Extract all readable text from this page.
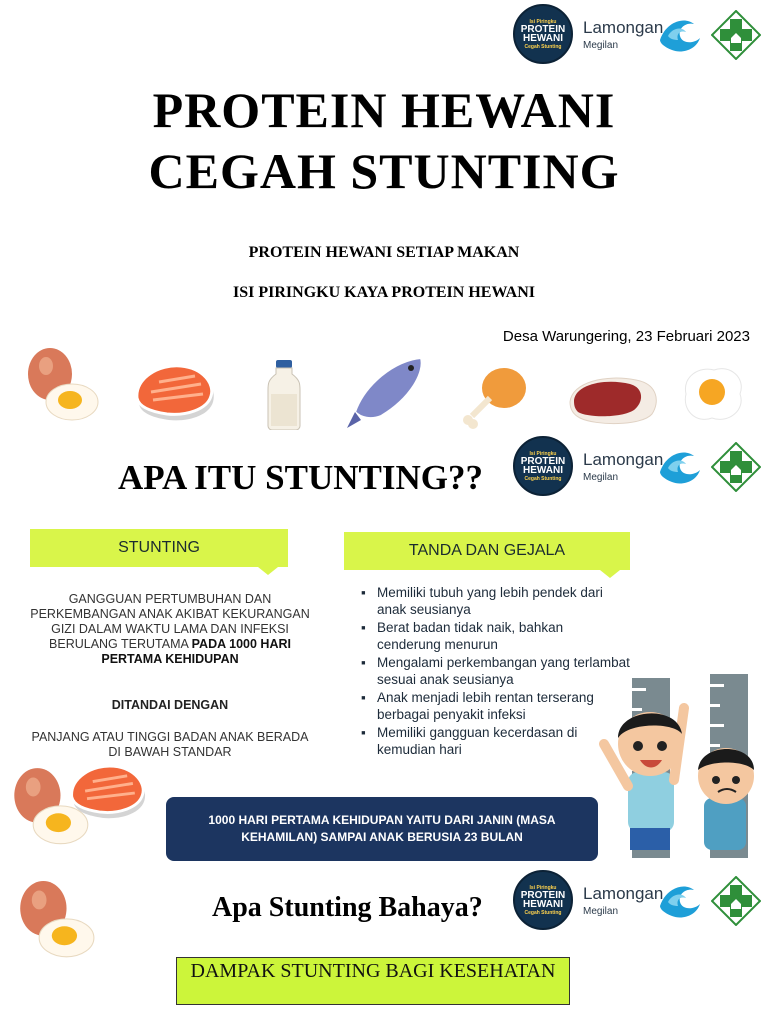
Isi Piringku
PROTEIN
HEWANI
Cegah Stunting
Lamongan
Megilan
PROTEIN HEWANI
CEGAH STUNTING
PROTEIN HEWANI SETIAP MAKAN
ISI PIRINGKU KAYA PROTEIN HEWANI
Desa Warungering, 23 Februari 2023
Isi Piringku
PROTEIN
HEWANI
Cegah Stunting
Lamongan
Megilan
APA ITU STUNTING??
STUNTING	TANDA DAN GEJALA
GANGGUAN PERTUMBUHAN DAN PERKEMBANGAN ANAK AKIBAT KEKURANGAN GIZI DALAM WAKTU LAMA DAN INFEKSI BERULANG TERUTAMA PADA 1000 HARI PERTAMA KEHIDUPAN
DITANDAI DENGAN
PANJANG ATAU TINGGI BADAN ANAK BERADA DI BAWAH STANDAR
▪ Memiliki tubuh yang lebih pendek dari anak seusianya
▪ Berat badan tidak naik, bahkan cenderung menurun
▪ Mengalami perkembangan yang terlambat sesuai anak seusianya
▪ Anak menjadi lebih rentan terserang berbagai penyakit infeksi
▪ Memiliki gangguan kecerdasan di kemudian hari
1000 HARI PERTAMA KEHIDUPAN YAITU DARI JANIN (MASA KEHAMILAN) SAMPAI ANAK BERUSIA 23 BULAN
Isi Piringku
PROTEIN
HEWANI
Cegah Stunting
Lamongan
Megilan
Apa Stunting Bahaya?
DAMPAK STUNTING BAGI KESEHATAN
